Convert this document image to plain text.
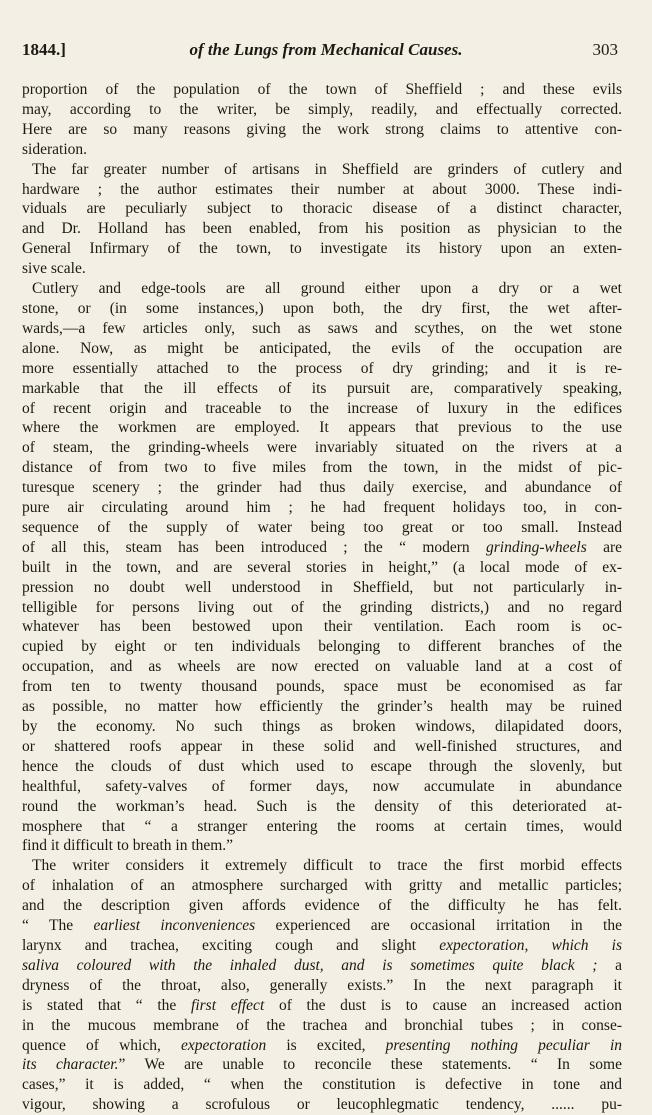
1844.]	of the Lungs from Mechanical Causes.	303
proportion of the population of the town of Sheffield ; and these evils
may, according to the writer, be simply, readily, and effectually corrected.
Here are so many reasons giving the work strong claims to attentive con-
sideration.
The far greater number of artisans in Sheffield are grinders of cutlery and
hardware ; the author estimates their number at about 3000. These indi-
viduals are peculiarly subject to thoracic disease of a distinct character,
and Dr. Holland has been enabled, from his position as physician to the
General Infirmary of the town, to investigate its history upon an exten-
sive scale.
Cutlery and edge-tools are all ground either upon a dry or a wet
stone, or (in some instances,) upon both, the dry first, the wet after-
wards,—a few articles only, such as saws and scythes, on the wet stone
alone. Now, as might be anticipated, the evils of the occupation are
more essentially attached to the process of dry grinding; and it is re-
markable that the ill effects of its pursuit are, comparatively speaking,
of recent origin and traceable to the increase of luxury in the edifices
where the workmen are employed. It appears that previous to the use
of steam, the grinding-wheels were invariably situated on the rivers at a
distance of from two to five miles from the town, in the midst of pic-
turesque scenery ; the grinder had thus daily exercise, and abundance of
pure air circulating around him ; he had frequent holidays too, in con-
sequence of the supply of water being too great or too small. Instead
of all this, steam has been introduced ; the “ modern grinding-wheels are
built in the town, and are several stories in height,” (a local mode of ex-
pression no doubt well understood in Sheffield, but not particularly in-
telligible for persons living out of the grinding districts,) and no regard
whatever has been bestowed upon their ventilation. Each room is oc-
cupied by eight or ten individuals belonging to different branches of the
occupation, and as wheels are now erected on valuable land at a cost of
from ten to twenty thousand pounds, space must be economised as far
as possible, no matter how efficiently the grinder’s health may be ruined
by the economy. No such things as broken windows, dilapidated doors,
or shattered roofs appear in these solid and well-finished structures, and
hence the clouds of dust which used to escape through the slovenly, but
healthful, safety-valves of former days, now accumulate in abundance
round the workman’s head. Such is the density of this deteriorated at-
mosphere that “ a stranger entering the rooms at certain times, would
find it difficult to breath in them.”
The writer considers it extremely difficult to trace the first morbid effects
of inhalation of an atmosphere surcharged with gritty and metallic particles;
and the description given affords evidence of the difficulty he has felt.
“ The earliest inconveniences experienced are occasional irritation in the
larynx and trachea, exciting cough and slight expectoration, which is
saliva coloured with the inhaled dust, and is sometimes quite black ; a
dryness of the throat, also, generally exists.” In the next paragraph it
is stated that “ the first effect of the dust is to cause an increased action
in the mucous membrane of the trachea and bronchial tubes ; in conse-
quence of which, expectoration is excited, presenting nothing peculiar in
its character.” We are unable to reconcile these statements. “ In some
cases,” it is added, “ when the constitution is defective in tone and
vigour, showing a scrofulous or leucophlegmatic tendency, ...... pu-
